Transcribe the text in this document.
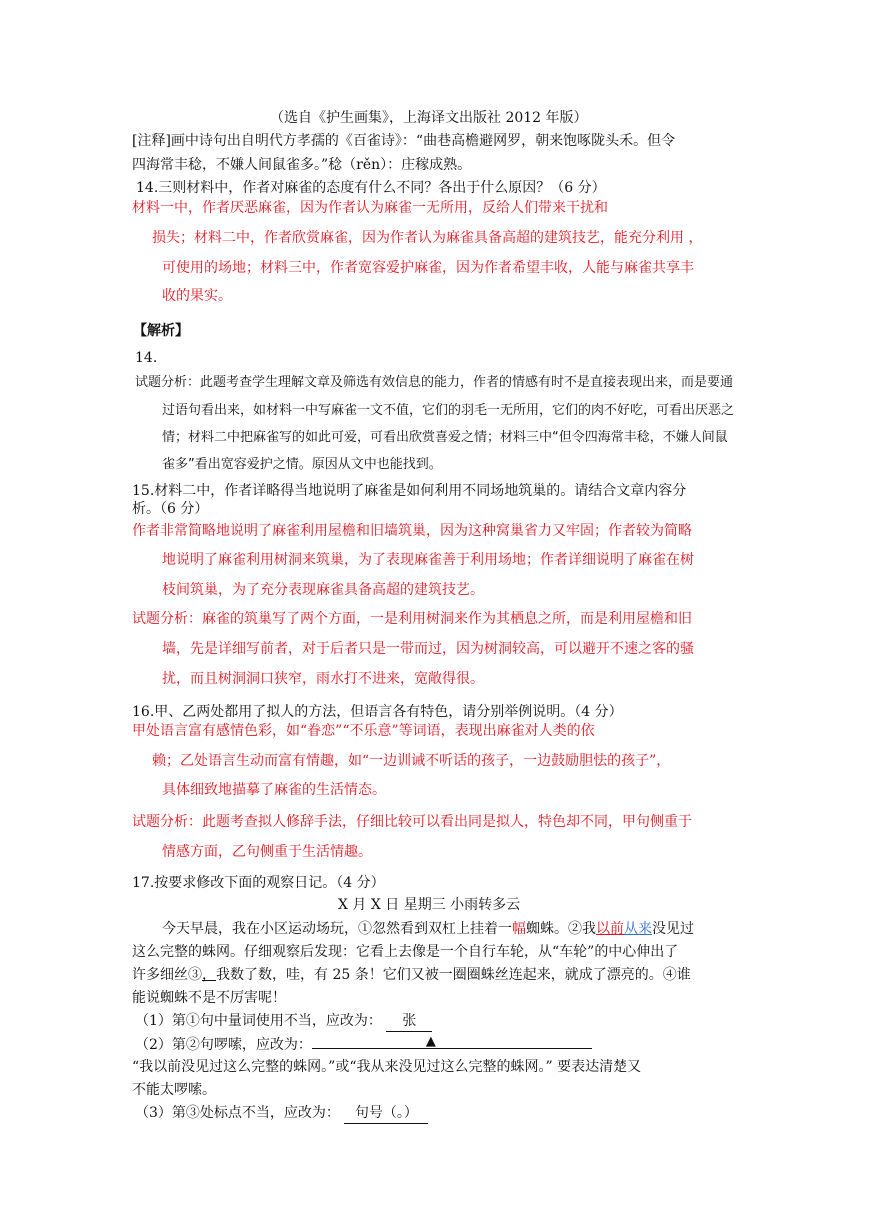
（选自《护生画集》，上海译文出版社 2012 年版）
[注释]画中诗句出自明代方孝孺的《百雀诗》：“曲巷高檐避网罗，朝来饱啄陇头禾。但令
四海常丰稔，不嫌人间鼠雀多。”稔（rěn）：庄稼成熟。
14.三则材料中，作者对麻雀的态度有什么不同？各出于什么原因？（6 分）
材料一中，作者厌恶麻雀，因为作者认为麻雀一无所用，反给人们带来干扰和
损失；材料二中，作者欣赏麻雀，因为作者认为麻雀具备高超的建筑技艺，能充分利用 ，
可使用的场地；材料三中，作者宽容爱护麻雀，因为作者希望丰收，人能与麻雀共享丰
收的果实。
【解析】
14.
试题分析：此题考查学生理解文章及筛选有效信息的能力，作者的情感有时不是直接表现出来，而是要通
过语句看出来，如材料一中写麻雀一文不值，它们的羽毛一无所用，它们的肉不好吃，可看出厌恶之
情；材料二中把麻雀写的如此可爱，可看出欣赏喜爱之情；材料三中“但令四海常丰稔，不嫌人间鼠
雀多”看出宽容爱护之情。原因从文中也能找到。
15.材料二中，作者详略得当地说明了麻雀是如何利用不同场地筑巢的。请结合文章内容分
析。（6 分）
作者非常简略地说明了麻雀利用屋檐和旧墙筑巢，因为这种窝巢省力又牢固；作者较为简略
地说明了麻雀利用树洞来筑巢，为了表现麻雀善于利用场地；作者详细说明了麻雀在树
枝间筑巢，为了充分表现麻雀具备高超的建筑技艺。
试题分析：麻雀的筑巢写了两个方面，一是利用树洞来作为其栖息之所，而是利用屋檐和旧
墙，先是详细写前者，对于后者只是一带而过，因为树洞较高，可以避开不速之客的骚
扰，而且树洞洞口狭窄，雨水打不进来，宽敞得很。
16.甲、乙两处都用了拟人的方法，但语言各有特色，请分别举例说明。（4 分）
甲处语言富有感情色彩，如“眷恋”“不乐意”等词语，表现出麻雀对人类的依
赖；乙处语言生动而富有情趣，如“一边训诫不听话的孩子，一边鼓励胆怯的孩子”，
具体细致地描摹了麻雀的生活情态。
试题分析：此题考查拟人修辞手法，仔细比较可以看出同是拟人，特色却不同，甲句侧重于
情感方面，乙句侧重于生活情趣。
17.按要求修改下面的观察日记。（4 分）
X 月 X 日 星期三 小雨转多云
今天早晨，我在小区运动场玩，①忽然看到双杠上挂着一幅蜘蛛。②我以前从来没见过
这么完整的蛛网。仔细观察后发现：它看上去像是一个自行车轮，从“车轮”的中心伸出了
许多细丝③，我数了数，哇，有 25 条！它们又被一圈圈蛛丝连起来，就成了漂亮的。④谁
能说蜘蛛不是不厉害呢！
（1）第①句中量词使用不当，应改为： 张
（2）第②句啰嗦，应改为：	▲
“我以前没见过这么完整的蛛网。”或“我从来没见过这么完整的蛛网。” 要表达清楚又
不能太啰嗦。
（3）第③处标点不当，应改为： 句号（。）
